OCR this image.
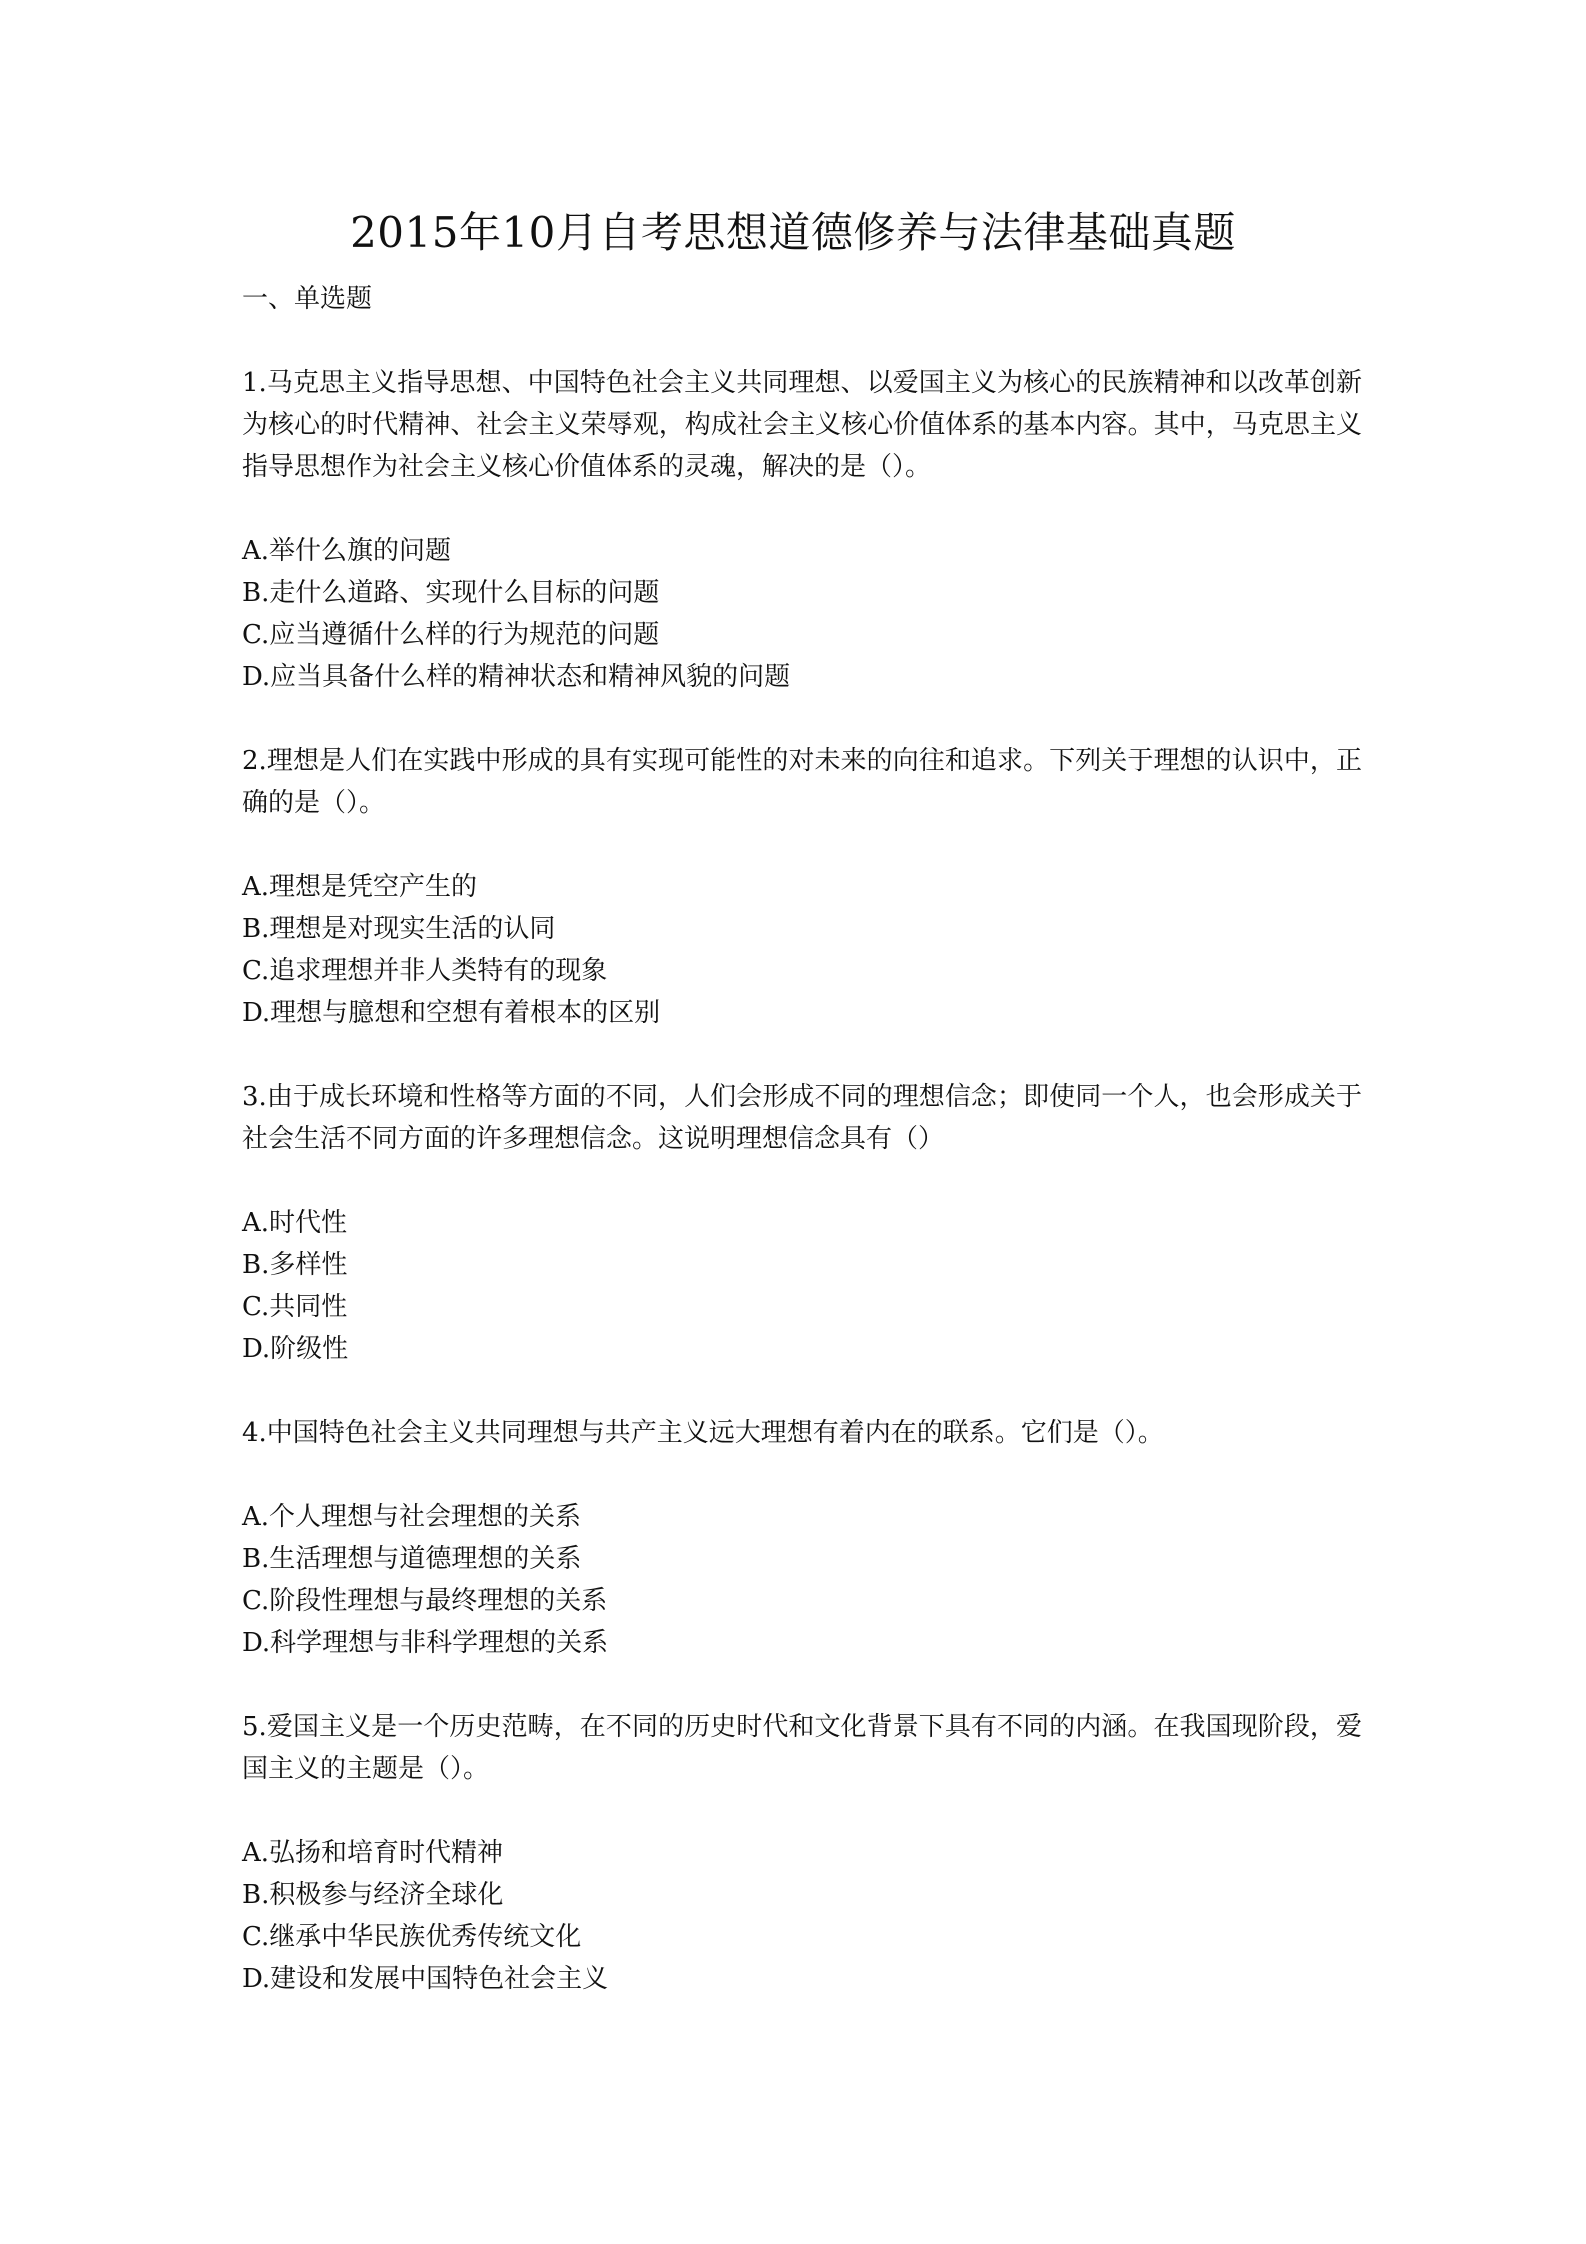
2015年10月自考思想道德修养与法律基础真题
一、单选题
1.马克思主义指导思想、中国特色社会主义共同理想、以爱国主义为核心的民族精神和以改革创新为核心的时代精神、社会主义荣辱观，构成社会主义核心价值体系的基本内容。其中，马克思主义指导思想作为社会主义核心价值体系的灵魂，解决的是（）。
A.举什么旗的问题
B.走什么道路、实现什么目标的问题
C.应当遵循什么样的行为规范的问题
D.应当具备什么样的精神状态和精神风貌的问题
2.理想是人们在实践中形成的具有实现可能性的对未来的向往和追求。下列关于理想的认识中，正确的是（）。
A.理想是凭空产生的
B.理想是对现实生活的认同
C.追求理想并非人类特有的现象
D.理想与臆想和空想有着根本的区别
3.由于成长环境和性格等方面的不同，人们会形成不同的理想信念；即使同一个人，也会形成关于社会生活不同方面的许多理想信念。这说明理想信念具有（）
A.时代性
B.多样性
C.共同性
D.阶级性
4.中国特色社会主义共同理想与共产主义远大理想有着内在的联系。它们是（）。
A.个人理想与社会理想的关系
B.生活理想与道德理想的关系
C.阶段性理想与最终理想的关系
D.科学理想与非科学理想的关系
5.爱国主义是一个历史范畴，在不同的历史时代和文化背景下具有不同的内涵。在我国现阶段，爱国主义的主题是（）。
A.弘扬和培育时代精神
B.积极参与经济全球化
C.继承中华民族优秀传统文化
D.建设和发展中国特色社会主义
